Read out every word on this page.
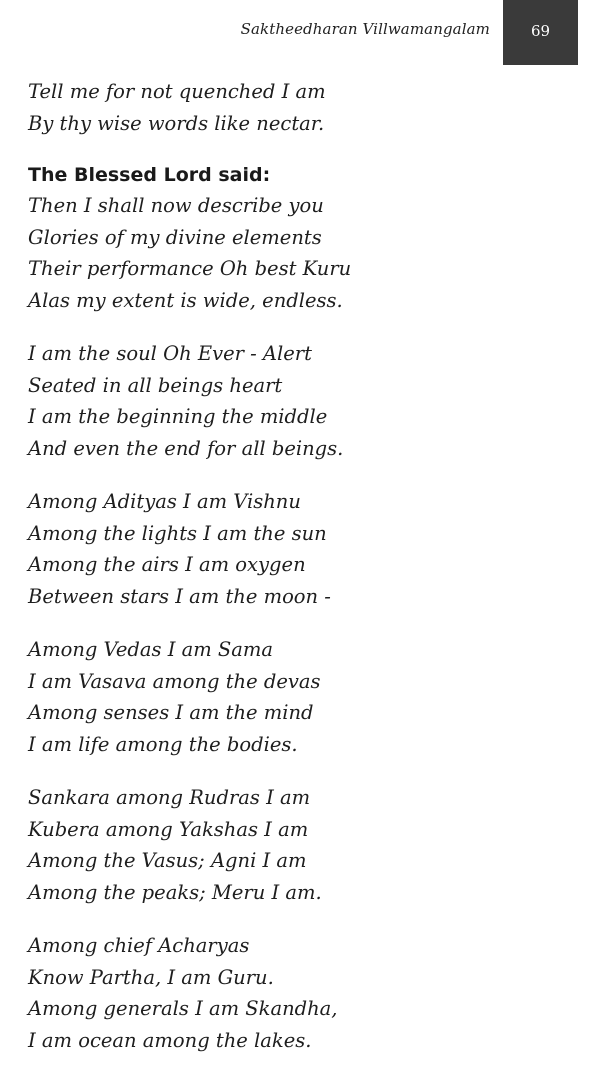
Saktheedharan Villwamangalam	69
Tell me for not quenched I am
By thy wise words like nectar.
The Blessed Lord said:
Then I shall now describe you
Glories of my divine elements
Their performance Oh best Kuru
Alas my extent is wide, endless.
I am the soul Oh Ever - Alert
Seated in all beings heart
I am the beginning the middle
And even the end for all beings.
Among Adityas I am Vishnu
Among the lights I am the sun
Among the airs I am oxygen
Between stars I am the moon -
Among Vedas I am Sama
I am Vasava among the devas
Among senses I am the mind
I am life among the bodies.
Sankara among Rudras I am
Kubera among Yakshas I am
Among the Vasus; Agni I am
Among the peaks; Meru I am.
Among chief Acharyas
Know Partha, I am Guru.
Among generals I am Skandha,
I am ocean among the lakes.
